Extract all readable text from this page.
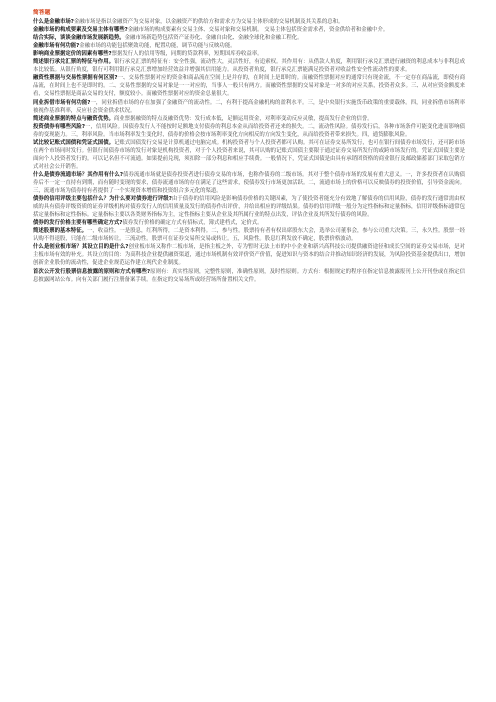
简答题

什么是金融市场?金融市场是指以金融资产为交易对象，以金融资产的供给方和需求方为交易主体形成的交易机制及其关系的总和。

金融市场的构成要素及交易主体有哪些?金融市场的构成要素有交易主体、交易对象和交易机制。 交易主体包括资金需求者，资金供给者和金融中介。

结合实际，谈谈金融市场发展新趋势。金融市场新趋势包括资产证券化、金融自由化、金融全球化和金融工程化。

金融市场有何功能?金融市场的功能包括聚敛功能，配置功能，调节功能与反映功能。

影响商业票据定价的因素有哪些?票据发行人的信用等级，同期的贷款利率，短期国库券收益率。

简述银行承兑汇票的特征与作用。银行承兑汇票的特征有：安全性强，流动性大，灵活性好，有追索权。其作用有：从借款人角度，利用银行承兑汇票进行融资的利息成本与非利息成本比较低。从银行角度，银行可利用银行承兑汇票增加经营效益并增强其信用能力。从投资者角度，银行承兑汇票能满足投资者对收益性安全性流动性的要求。

融资性票据与交易性票据有何区别?一、交易性票据对应的资金和商品流在空间上是并存的，在时间上是即时的。而融资性票据对应的通常只有现金流，不一定存在商品流，即使有商品流，在时间上也不是即时的。二、交易性票据的交易对象是一一对应的，当事人一般只有两方。而融资性票据的交易对象是一对多的对应关系，投资者众多。三、从对应资金额度来看，交易性票据是商品交易的支付，额度较小。而融资性票据对应的资金总量很大。

同业拆借市场有何功能?一，同业拆借市场的存在加强了金融资产的流动性。二，有利于提高金融机构的盈利水平。三，是中央银行实施货币政策的重要载体。四，同业拆借市场利率被视作基准利率，反应社会资金供求状况。

简述商业票据的特点与融资优势。商业票据融资的特点及融资优势：发行成本低，足额运用资金，对利率变动反应灵敏，提高发行企业的信誉。

投资债券有哪些风险?一，信用风险。因债券发行人不能按时足额地支付债券的利息本金从而给投资者还来的损失。二，流动性风险。债券发行后，各种市场条件可能变化进而影响债券的变现能力。三，利率风险。当市场利率发生变化时，债券的价格会按市场利率变化方向相反的方向发生变化，从而给投资者带来损失。四，通货膨胀风险。

试比较记账式国债和凭证式国债。记账式国债发行交易是计算机通过电脑完成。机构投资者与个人投资者都可认购。其可在证券交易所发行，也可在银行间债券市场发行，还可跨市场在两个市场同时发行。但银行间债券市场的发行对象是机构投资者，对于个人投资者来说，其可认购的记账式国债主要限于通过证券交易所发行的或跨市场发行的。凭证式国债主要是面向个人投资者发行的。可以记名但不可流通。如果提前兑现，须扣除一部分利息和相应手续费。一般情况下，凭证式国债是由具有承销团资格的商业银行及邮政储蓄部门采取包销方式对社会公开销售。

什么是债券流通市场？其作用有什么?债券流通市场就是债券投资者进行债券交易的市场，也称作债券的二级市场。其对于整个债券市场的发展有重大意义。一，许多投资者在认购债券后不一定一直持有到期，而有随时变现的要求，债券流通市场的存在满足了这些需求，使债券发行市场更加活跃。二，流通市场上的价格可以反映债券的投资价值，引导资金流向。三，流通市场为债券持有者提供了一个实现资本增值和投资组合多元化的渠道。

债券的信用评级主要包括什么？为什么要对债券进行评级?由于债券的信用风险是影响债券价格的关键因素，为了使投资者能充分有效地了解债券的信用风险，债券的发行通常需由权威的具有债券评级资质的证券评级机构对债券发行人的信用质量及发行的债券作出评价，并给出相应的评级结果。债券的信用评级一般分为定性指标和定量指标，信用评级指标通常包括定量指标和定性指标。定量指标主要以各类财务指标为主，定性指标主要从企业及其所属行业的特点出发，评估企业及其所发行债券的风险。

债券的发行价格主要有哪些确定方式?债券发行价格的确定方式有招标式，簿式建档式，定价式。

简述股票的基本特征。一，收益性。一是股息，红利所得，二是资本利得。二，参与性。股票持有者有权出席股东大会，选举公司董事会，参与公司重大决策。三，永久性。股票一经认购不得退股，只能在二级市场转让。三流动性。股票可在证券交易所交易或转让。五，风险性。股息红利发放不确定，股票价格波动。

什么是创业板市场？其设立目的是什么?创业板市场又称作二板市场，是指主板之外，专为暂时无法上市的中小企业和新兴高科技公司提供融资途径和成长空间的证券交易市场，是对主板市场有效的补充。其设立的目的：为高科技企业提供融资渠道，通过市场机制有效评价资产价值，促进知识与资本的结合并推动知识经济的发展，为风险投资基金提供出口，增加创新企业股份的流动性，促进企业规范运作建立现代企业制度。

首次公开发行股票信息披露的原则和方式有哪些?原则有：真实性原则，完整性原则，准确性原则，及时性原则。方式有：根据规定的程序在指定信息披露报刊上公开刊登或在指定信息披露网站公布。向有关部门履行注册备案手续。在指定的交易场所或经营场所备置相关文件。
